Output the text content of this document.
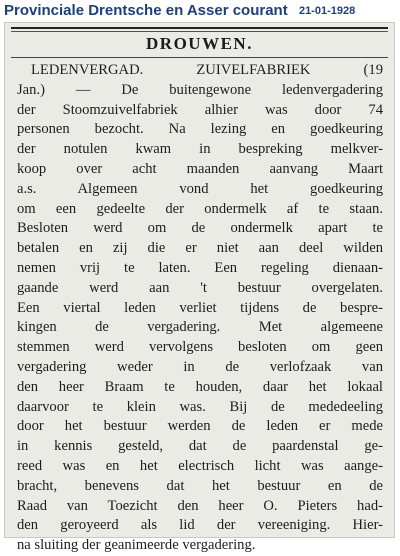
Provinciale Drentsche en Asser courant 21-01-1928
DROUWEN.
LEDENVERGAD. ZUIVELFABRIEK (19
Jan.) — De buitengewone ledenvergadering
der Stoomzuivelfabriek alhier was door 74
personen bezocht. Na lezing en goedkeuring
der notulen kwam in bespreking melkver-
koop over acht maanden aanvang Maart
a.s. Algemeen vond het goedkeuring
om een gedeelte der ondermelk af te staan.
Besloten werd om de ondermelk apart te
betalen en zij die er niet aan deel wilden
nemen vrij te laten. Een regeling dienaan-
gaande werd aan 't bestuur overgelaten.
Een viertal leden verliet tijdens de bespre-
kingen de vergadering. Met algemeene
stemmen werd vervolgens besloten om geen
vergadering weder in de verlofzaak van
den heer Braam te houden, daar het lokaal
daarvoor te klein was. Bij de mededeeling
door het bestuur werden de leden er mede
in kennis gesteld, dat de paardenstal ge-
reed was en het electrisch licht was aange-
bracht, benevens dat het bestuur en de
Raad van Toezicht den heer O. Pieters had-
den geroyeerd als lid der vereeniging. Hier-
na sluiting der geanimeerde vergadering.
